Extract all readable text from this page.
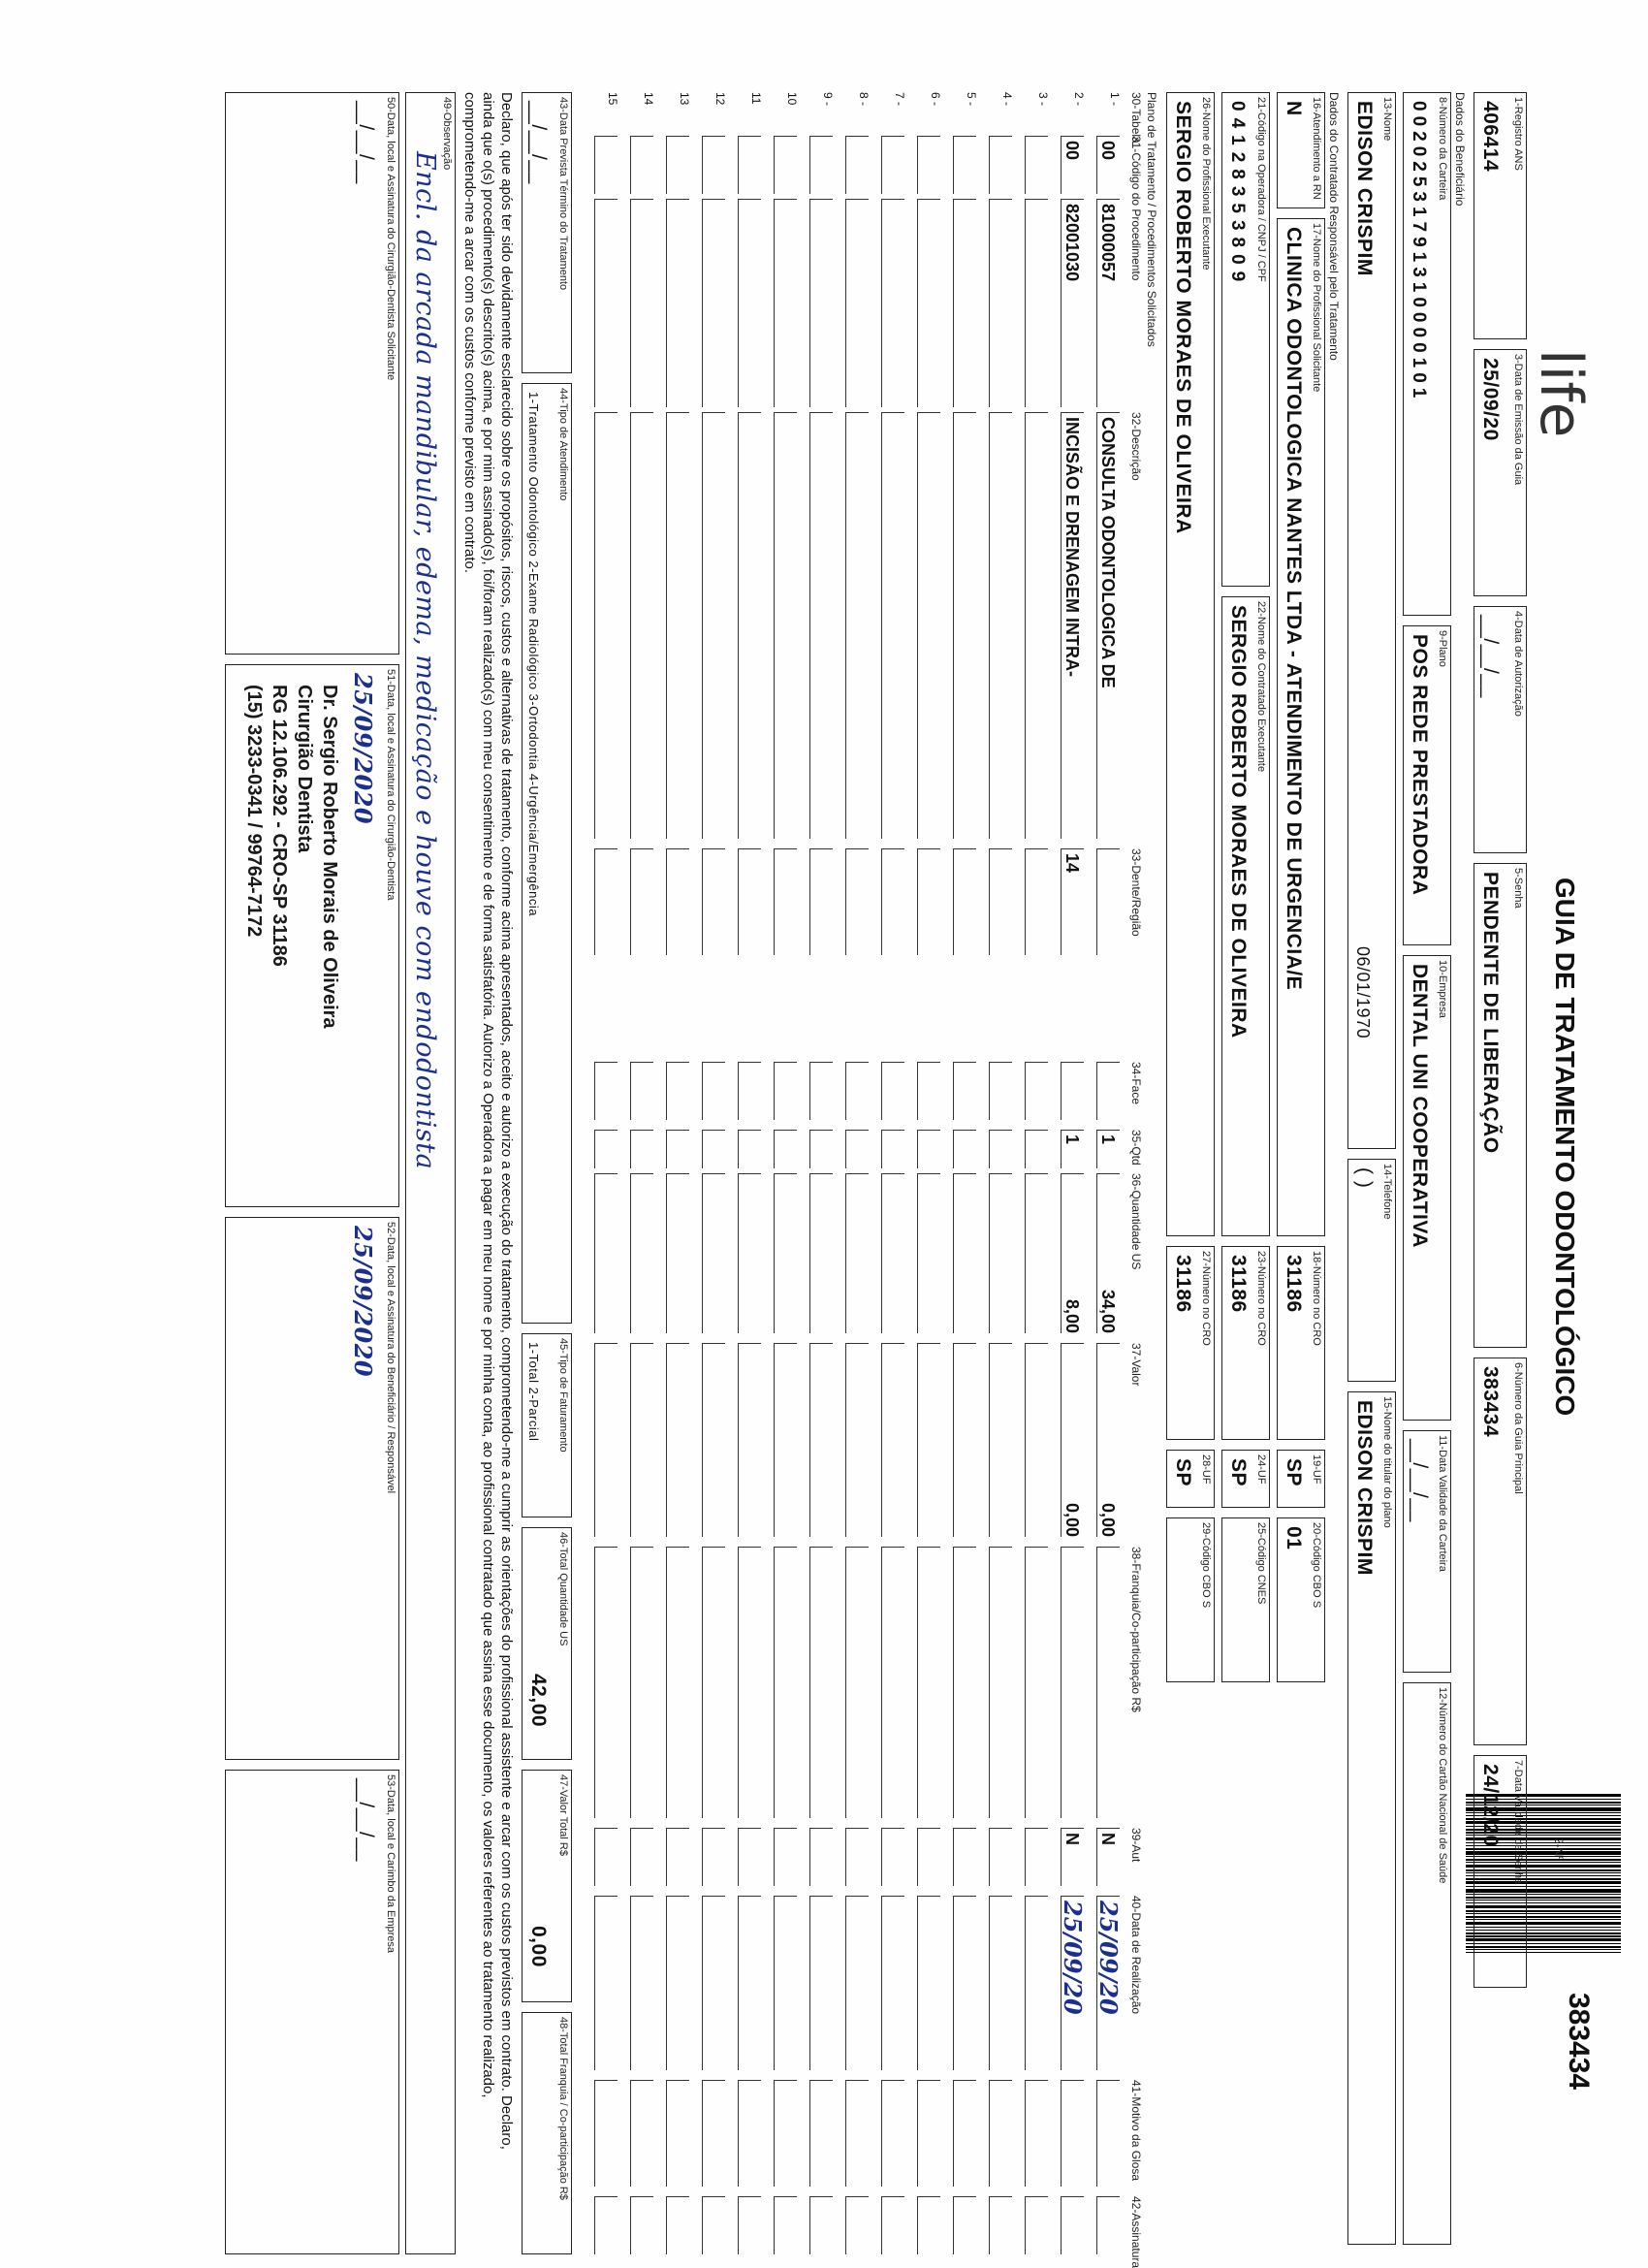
life
GUIA DE TRATAMENTO ODONTOLÓGICO
2-Nº
383434
1-Registro ANS
406414
3-Data de Emissão da Guia
25/09/20
4-Data de Autorização
__/__/__
5-Senha
PENDENTE DE LIBERAÇÃO
6-Número da Guia Principal
383434
7-Data Validade da Senha
24/12/20
Dados do Beneficiário
8-Número da Carteira
00202531791310000101
9-Plano
POS REDE PRESTADORA
10-Empresa
DENTAL UNI COOPERATIVA
11-Data Validade da Carteira
__/__/__
12-Número do Cartão Nacional de Saúde
13-Nome
EDISON CRISPIM
06/01/1970
14-Telefone
( )
15-Nome do titular do plano
EDISON CRISPIM
Dados do Contratado Responsável pelo Tratamento
16-Atendimento a RN
N
17-Nome do Profissional Solicitante
CLINICA ODONTOLOGICA NANTES LTDA - ATENDIMENTO DE URGENCIA/E
18-Número no CRO
31186
19-UF
SP
20-Código CBO S
01
21-Código na Operadora / CNPJ / CPF
04128353809
22-Nome do Contratado Executante
SERGIO ROBERTO MORAES DE OLIVEIRA
23-Número no CRO
31186
24-UF
SP
25-Código CNES
26-Nome do Profissional Executante
SERGIO ROBERTO MORAES DE OLIVEIRA
27-Número no CRO
31186
28-UF
SP
29-Código CBO S
Plano de Tratamento / Procedimentos Solicitados
30-Tabela
31-Código do Procedimento
32-Descrição
33-Dente/Região
34-Face
35-Qtd
36-Quantidade US
37-Valor
38-Franquia/Co-participação R$
39-Aut
40-Data de Realização
41-Motivo da Glosa
42-Assinatura
1 -
00
81000057
CONSULTA ODONTOLOGICA DE
1
34,00
0,00
N
25/09/20
2 -
00
82001030
INCISÃO E DRENAGEM INTRA-
14
1
8,00
0,00
N
25/09/20
3 -
4 -
5 -
6 -
7 -
8 -
9 -
10
11
12
13
14
15
43-Data Prevista Término do Tratamento
__/__/__
44-Tipo de Atendimento
1-Tratamento Odontológico 2-Exame Radiológico 3-Ortodontia 4-Urgência/Emergência
45-Tipo de Faturamento
1-Total 2-Parcial
46-Total Quantidade US
42,00
47-Valor Total R$
0,00
48-Total Franquia / Co-participação R$
Declaro, que após ter sido devidamente esclarecido sobre os propósitos, riscos, custos e alternativas de tratamento, conforme acima apresentados, aceito e autorizo a execução do tratamento, comprometendo-me a cumprir as orientações do profissional assistente e arcar com os custos previstos em contrato. Declaro, ainda que o(s) procedimento(s) descrito(s) acima, e por mim assinado(s), foi/foram realizado(s) com meu consentimento e de forma satisfatória. Autorizo a Operadora a pagar em meu nome e por minha conta, ao profissional contratado que assina esse documento, os valores referentes ao tratamento realizado, comprometendo-me a arcar com os custos conforme previsto em contrato.
49-Observação
Encl. da arcada mandibular, edema, medicação e houve com endodontista
50-Data, local e Assinatura do Cirurgião-Dentista Solicitante
__/__/__
51-Data, local e Assinatura do Cirurgião-Dentista
25/09/2020
Dr. Sergio Roberto Morais de Oliveira
Cirurgião Dentista
RG 12.106.292 - CRO-SP 31186
(15) 3233-0341 / 99764-7172
52-Data, local e Assinatura do Beneficiário / Responsável
25/09/2020
53-Data, local e Carimbo da Empresa
__/__/__
